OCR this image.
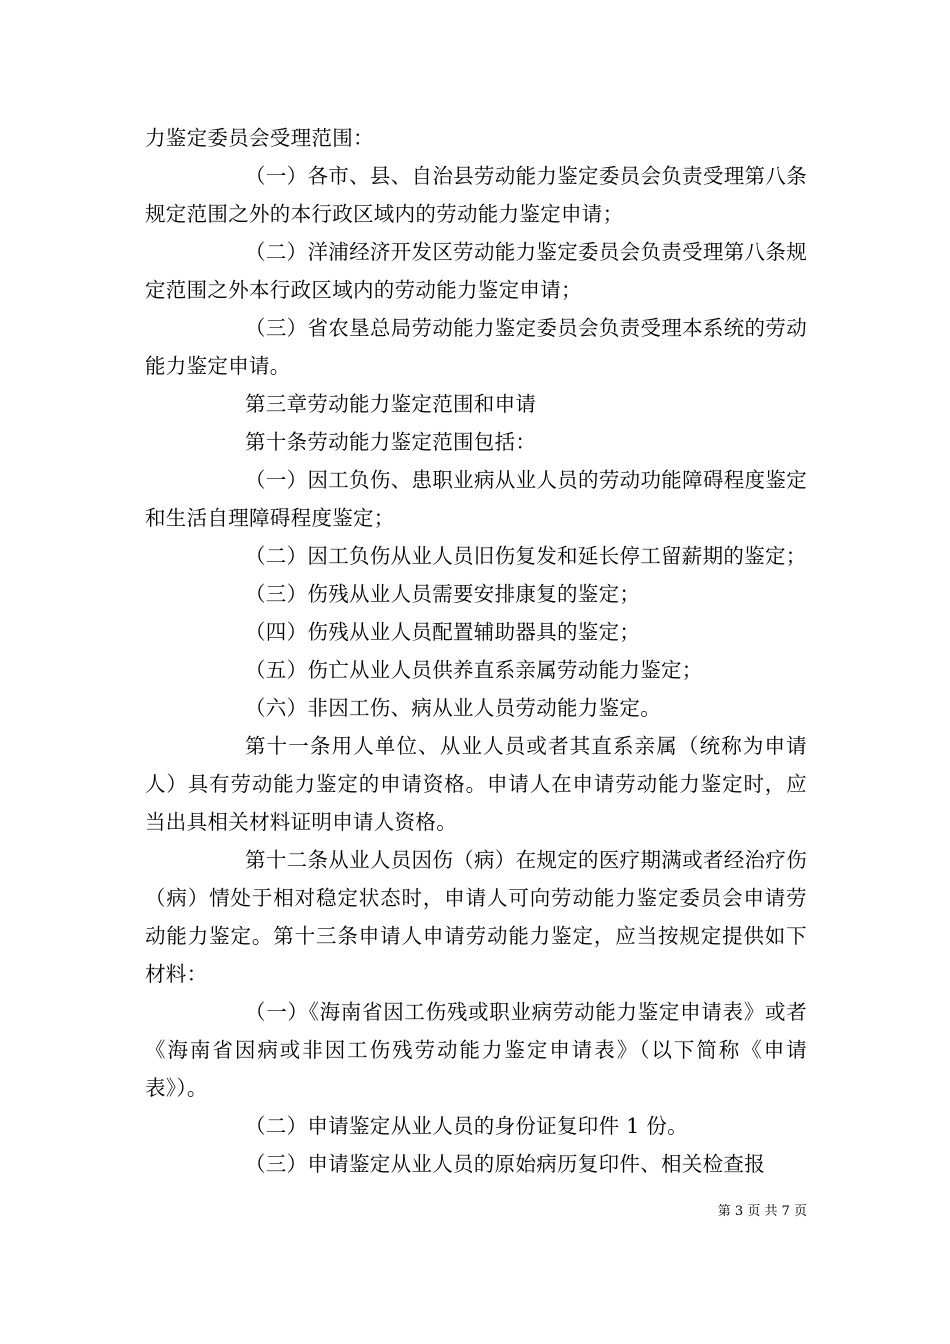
力鉴定委员会受理范围：

（一）各市、县、自治县劳动能力鉴定委员会负责受理第八条规定范围之外的本行政区域内的劳动能力鉴定申请；

（二）洋浦经济开发区劳动能力鉴定委员会负责受理第八条规定范围之外本行政区域内的劳动能力鉴定申请；

（三）省农垦总局劳动能力鉴定委员会负责受理本系统的劳动能力鉴定申请。

第三章劳动能力鉴定范围和申请

第十条劳动能力鉴定范围包括：

（一）因工负伤、患职业病从业人员的劳动功能障碍程度鉴定和生活自理障碍程度鉴定；

（二）因工负伤从业人员旧伤复发和延长停工留薪期的鉴定；

（三）伤残从业人员需要安排康复的鉴定；

（四）伤残从业人员配置辅助器具的鉴定；

（五）伤亡从业人员供养直系亲属劳动能力鉴定；

（六）非因工伤、病从业人员劳动能力鉴定。

第十一条用人单位、从业人员或者其直系亲属（统称为申请人）具有劳动能力鉴定的申请资格。申请人在申请劳动能力鉴定时，应当出具相关材料证明申请人资格。

第十二条从业人员因伤（病）在规定的医疗期满或者经治疗伤（病）情处于相对稳定状态时，申请人可向劳动能力鉴定委员会申请劳动能力鉴定。第十三条申请人申请劳动能力鉴定，应当按规定提供如下材料：

（一）《海南省因工伤残或职业病劳动能力鉴定申请表》或者《海南省因病或非因工伤残劳动能力鉴定申请表》（以下简称《申请表》）。

（二）申请鉴定从业人员的身份证复印件 1 份。

（三）申请鉴定从业人员的原始病历复印件、相关检查报

第 3 页 共 7 页
